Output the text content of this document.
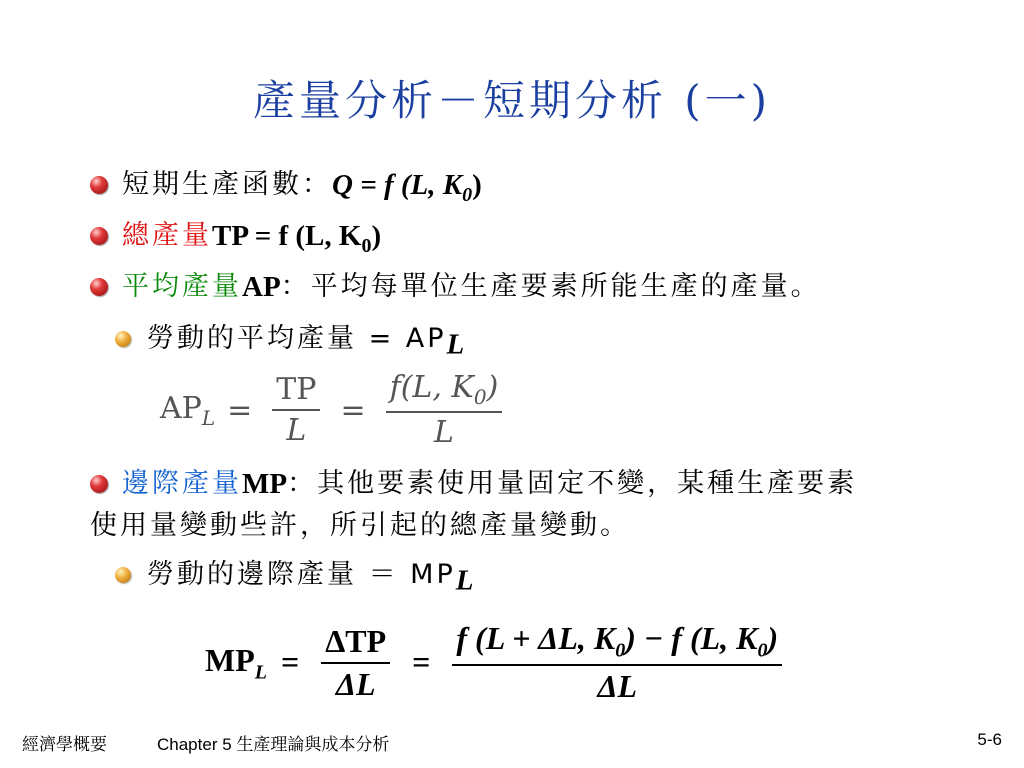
產量分析－短期分析 (一)
短期生產函數： Q = f (L, $K_0$)
總產量 TP = f (L, $K_0$)
平均產量 AP ：平均每單位生產要素所能生產的產量。
勞動的平均產量 = $AP_L$
$AP_L = \frac{TP}{L} = \frac{f(L, K_0)}{L}$
邊際產量 MP ：其他要素使用量固定不變，某種生產要素
使用量變動些許，所引起的總產量變動。
勞動的邊際產量 ＝ $MP_L$
$MP_L = \frac{\text{ΔTP}}{\Delta L} = \frac{f (L + \Delta L, K_0) - f (L, K_0)}{\Delta L}$
經濟學概要	Chapter 5 生產理論與成本分析	5-6
